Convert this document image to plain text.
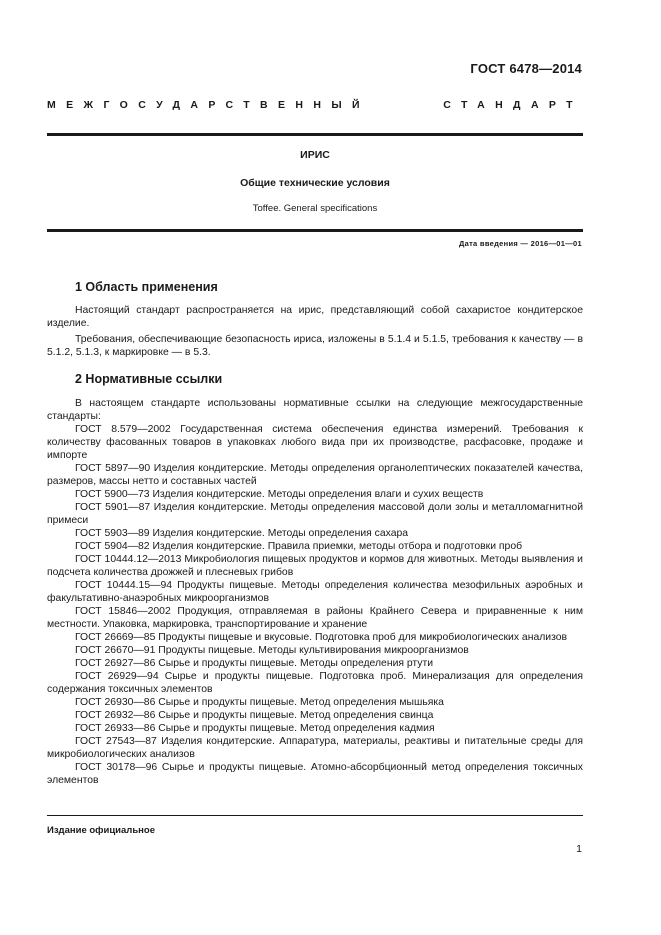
ГОСТ 6478—2014
МЕЖГОСУДАРСТВЕННЫЙ	СТАНДАРТ
ИРИС
Общие технические условия
Toffee. General specifications
Дата введения — 2016—01—01
1 Область применения

Настоящий стандарт распространяется на ирис, представляющий собой сахаристое кондитерское изделие.

Требования, обеспечивающие безопасность ириса, изложены в 5.1.4 и 5.1.5, требования к качеству — в 5.1.2, 5.1.3, к маркировке — в 5.3.

2 Нормативные ссылки

В настоящем стандарте использованы нормативные ссылки на следующие межгосударственные стандарты:

ГОСТ 8.579—2002 Государственная система обеспечения единства измерений. Требования к количеству фасованных товаров в упаковках любого вида при их производстве, расфасовке, продаже и импорте

ГОСТ 5897—90 Изделия кондитерские. Методы определения органолептических показателей качества, размеров, массы нетто и составных частей

ГОСТ 5900—73 Изделия кондитерские. Методы определения влаги и сухих веществ

ГОСТ 5901—87 Изделия кондитерские. Методы определения массовой доли золы и металломагнитной примеси

ГОСТ 5903—89 Изделия кондитерские. Методы определения сахара

ГОСТ 5904—82 Изделия кондитерские. Правила приемки, методы отбора и подготовки проб

ГОСТ 10444.12—2013 Микробиология пищевых продуктов и кормов для животных. Методы выявления и подсчета количества дрожжей и плесневых грибов

ГОСТ 10444.15—94 Продукты пищевые. Методы определения количества мезофильных аэробных и факультативно-анаэробных микроорганизмов

ГОСТ 15846—2002 Продукция, отправляемая в районы Крайнего Севера и приравненные к ним местности. Упаковка, маркировка, транспортирование и хранение

ГОСТ 26669—85 Продукты пищевые и вкусовые. Подготовка проб для микробиологических анализов

ГОСТ 26670—91 Продукты пищевые. Методы культивирования микроорганизмов

ГОСТ 26927—86 Сырье и продукты пищевые. Методы определения ртути

ГОСТ 26929—94 Сырье и продукты пищевые. Подготовка проб. Минерализация для определения содержания токсичных элементов

ГОСТ 26930—86 Сырье и продукты пищевые. Метод определения мышьяка

ГОСТ 26932—86 Сырье и продукты пищевые. Метод определения свинца

ГОСТ 26933—86 Сырье и продукты пищевые. Метод определения кадмия

ГОСТ 27543—87 Изделия кондитерские. Аппаратура, материалы, реактивы и питательные среды для микробиологических анализов

ГОСТ 30178—96 Сырье и продукты пищевые. Атомно-абсорбционный метод определения токсичных элементов

Издание официальное
1
